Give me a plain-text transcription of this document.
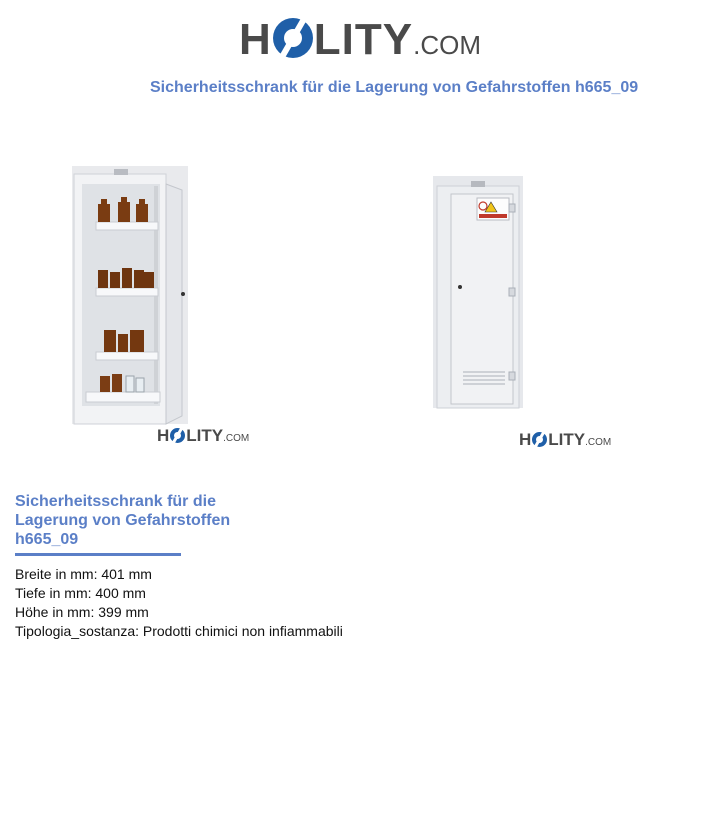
H LITY .COM
Sicherheitsschrank für die Lagerung von Gefahrstoffen h665_09
H LITY.COM	H LITY.COM
Sicherheitsschrank für die Lagerung von Gefahrstoffen h665_09
Breite in mm: 401 mm
Tiefe in mm: 400 mm
Höhe in mm: 399 mm
Tipologia_sostanza: Prodotti chimici non infiammabili
